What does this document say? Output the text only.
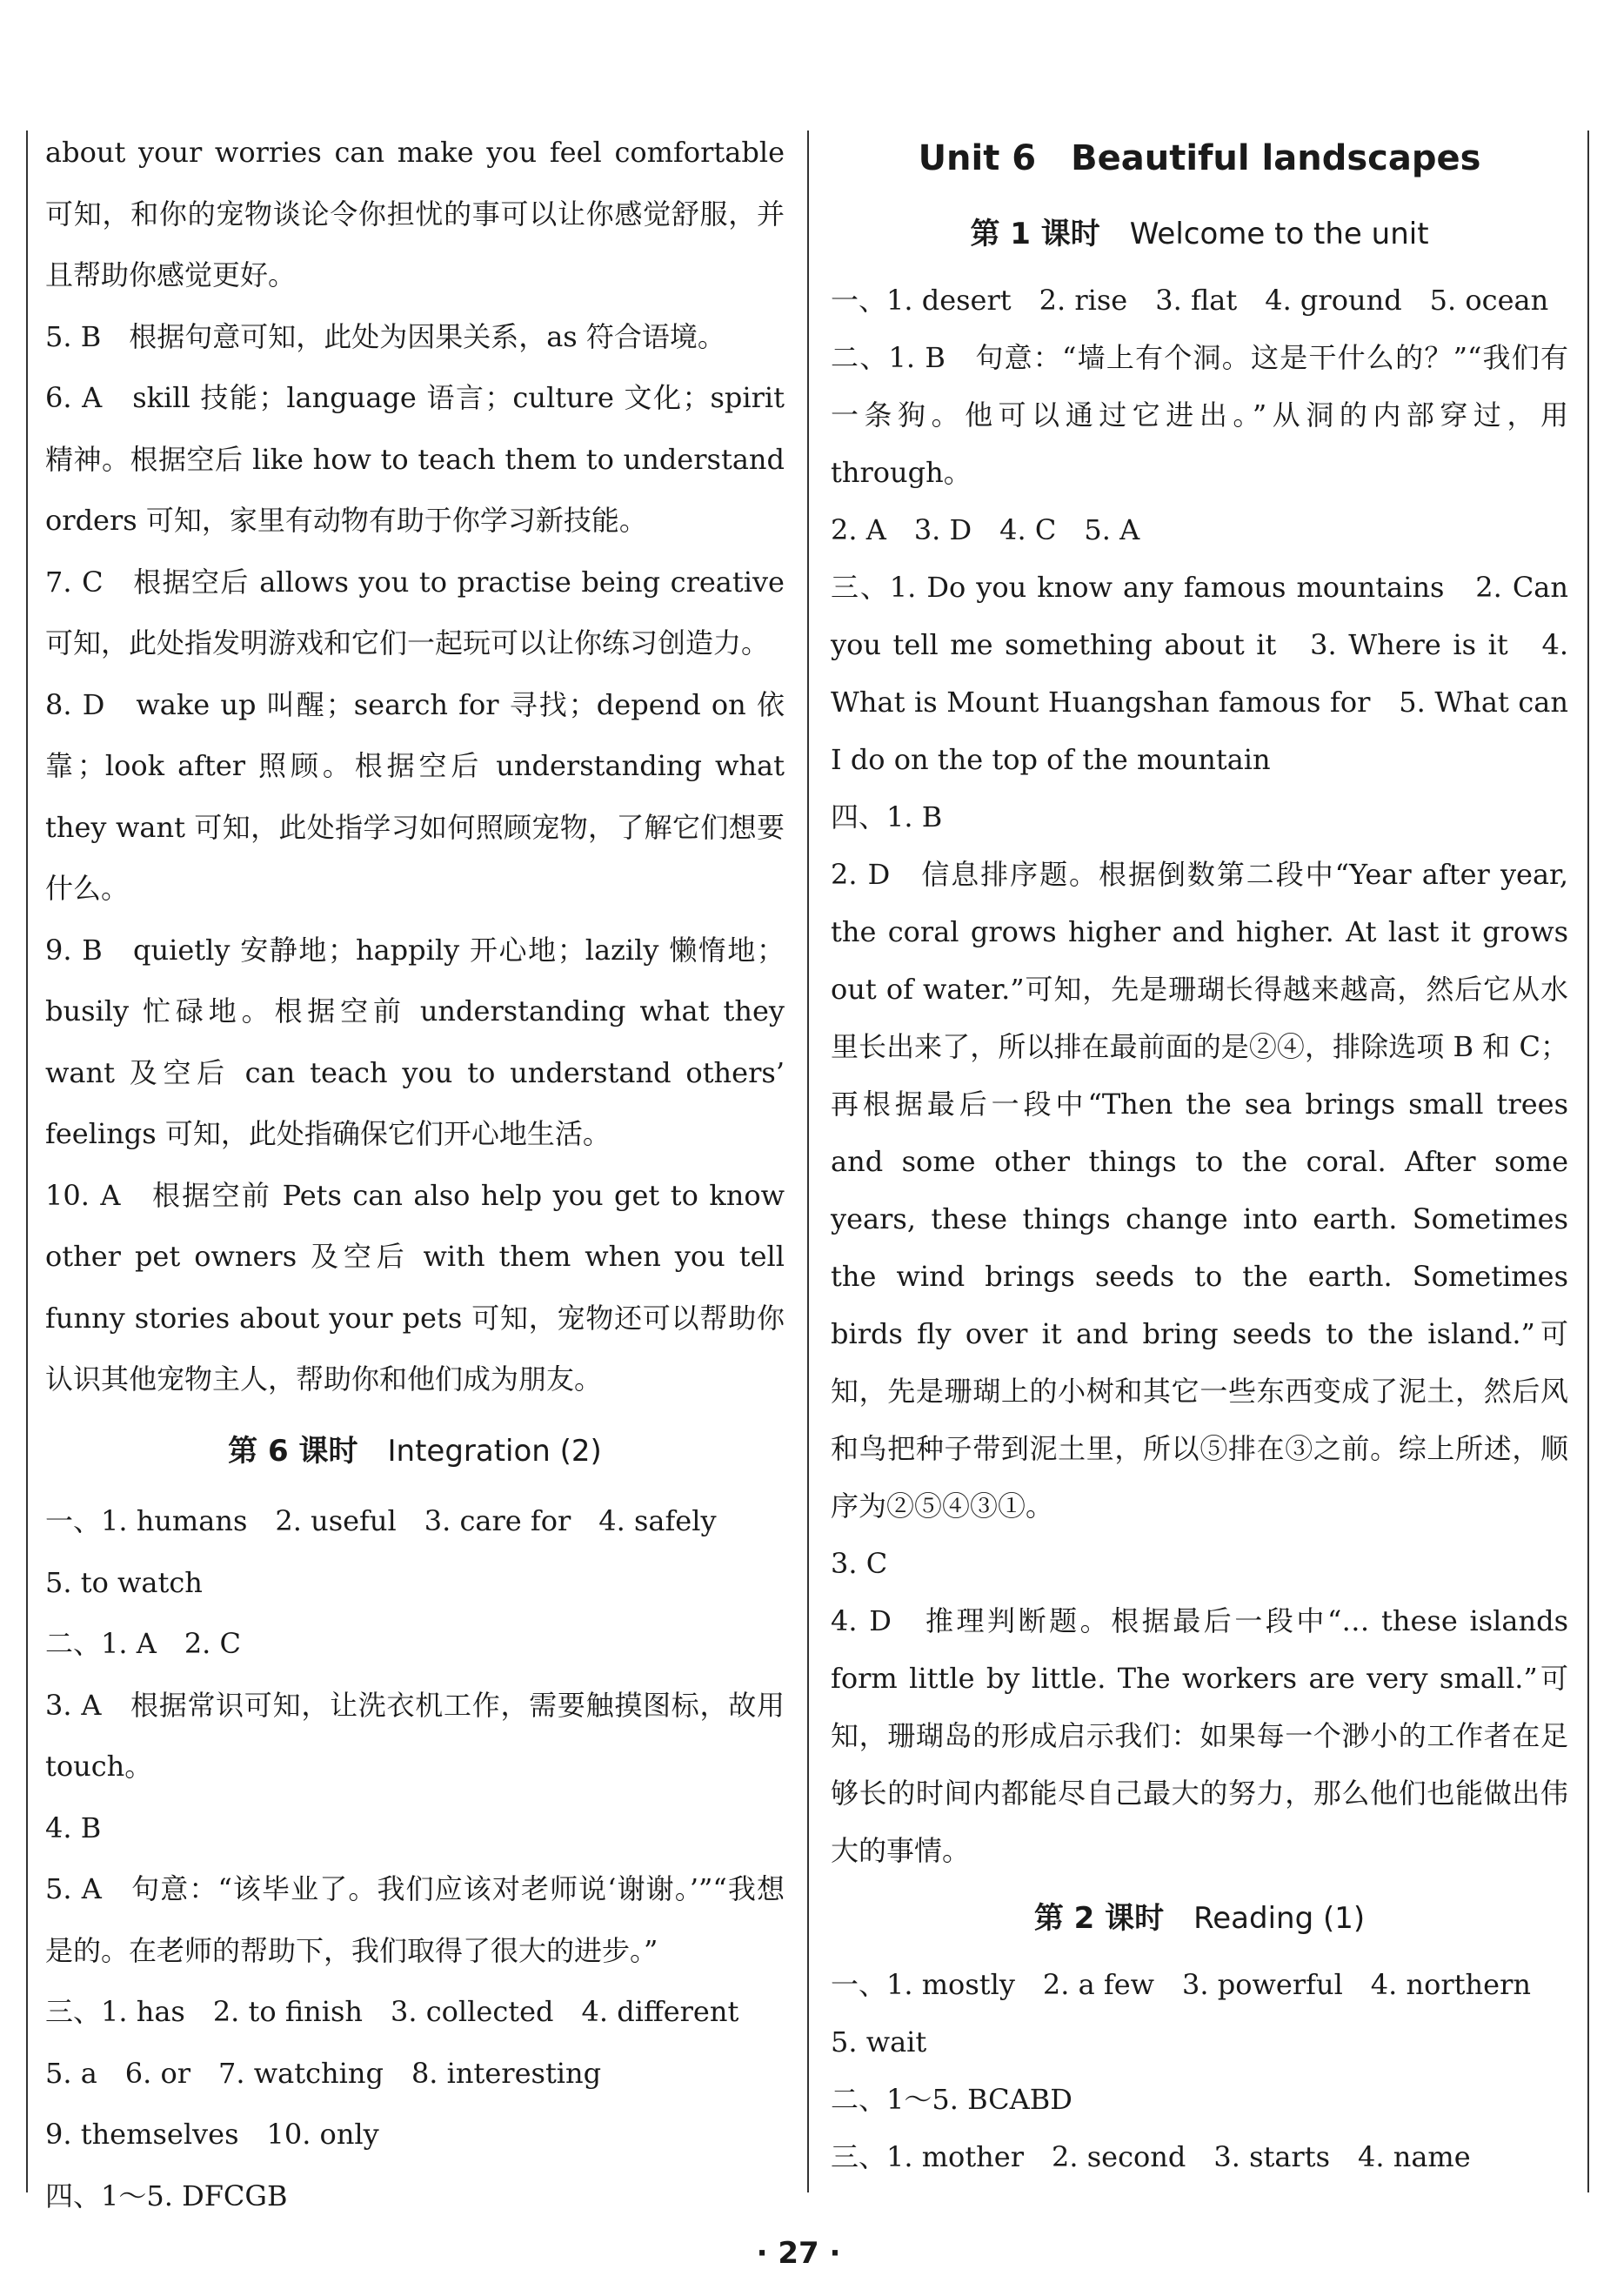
about your worries can make you feel comfortable 可知，和你的宠物谈论令你担忧的事可以让你感觉舒服，并且帮助你感觉更好。

5. B　根据句意可知，此处为因果关系，as 符合语境。

6. A　skill 技能；language 语言；culture 文化；spirit 精神。根据空后 like how to teach them to understand orders 可知，家里有动物有助于你学习新技能。

7. C　根据空后 allows you to practise being creative 可知，此处指发明游戏和它们一起玩可以让你练习创造力。

8. D　wake up 叫醒；search for 寻找；depend on 依靠；look after 照顾。根据空后 understanding what they want 可知，此处指学习如何照顾宠物，了解它们想要什么。

9. B　quietly 安静地；happily 开心地；lazily 懒惰地；busily 忙碌地。根据空前 understanding what they want 及空后 can teach you to understand others’ feelings 可知，此处指确保它们开心地生活。

10. A　根据空前 Pets can also help you get to know other pet owners 及空后 with them when you tell funny stories about your pets 可知，宠物还可以帮助你认识其他宠物主人，帮助你和他们成为朋友。

第 6 课时 Integration (2)

一、1. humans　2. useful　3. care for　4. safely

5. to watch

二、1. A　2. C

3. A　根据常识可知，让洗衣机工作，需要触摸图标，故用 touch。

4. B

5. A　句意：“该毕业了。我们应该对老师说‘谢谢。’”“我想是的。在老师的帮助下，我们取得了很大的进步。”

三、1. has　2. to finish　3. collected　4. different

5. a　6. or　7. watching　8. interesting

9. themselves　10. only

四、1～5. DFCGB

Unit 6　Beautiful landscapes
第 1 课时 Welcome to the unit

一、1. desert　2. rise　3. flat　4. ground　5. ocean

二、1. B　句意：“墙上有个洞。这是干什么的？”“我们有一条狗。他可以通过它进出。”从洞的内部穿过，用 through。

2. A　3. D　4. C　5. A

三、1. Do you know any famous mountains　2. Can you tell me something about it　3. Where is it　4. What is Mount Huangshan famous for　5. What can I do on the top of the mountain

四、1. B

2. D　信息排序题。根据倒数第二段中“Year after year, the coral grows higher and higher. At last it grows out of water.”可知，先是珊瑚长得越来越高，然后它从水里长出来了，所以排在最前面的是②④，排除选项 B 和 C；再根据最后一段中“Then the sea brings small trees and some other things to the coral. After some years, these things change into earth. Sometimes the wind brings seeds to the earth. Sometimes birds fly over it and bring seeds to the island.”可知，先是珊瑚上的小树和其它一些东西变成了泥土，然后风和鸟把种子带到泥土里，所以⑤排在③之前。综上所述，顺序为②⑤④③①。

3. C

4. D　推理判断题。根据最后一段中“… these islands form little by little. The workers are very small.”可知，珊瑚岛的形成启示我们：如果每一个渺小的工作者在足够长的时间内都能尽自己最大的努力，那么他们也能做出伟大的事情。

第 2 课时 Reading (1)

一、1. mostly　2. a few　3. powerful　4. northern

5. wait

二、1～5. BCABD

三、1. mother　2. second　3. starts　4. name

· 27 ·
